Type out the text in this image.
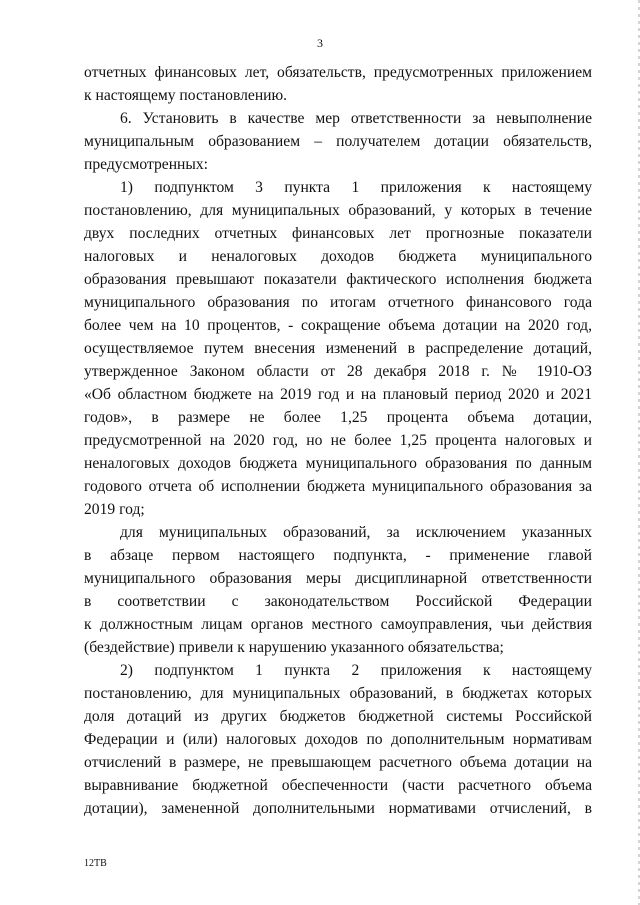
3

отчетных финансовых лет, обязательств, предусмотренных приложением

к настоящему постановлению.

6. Установить в качестве мер ответственности за невыполнение

муниципальным образованием – получателем дотации обязательств,

предусмотренных:

1) подпунктом 3 пункта 1 приложения к настоящему

постановлению, для муниципальных образований, у которых в течение

двух последних отчетных финансовых лет прогнозные показатели

налоговых и неналоговых доходов бюджета муниципального

образования превышают показатели фактического исполнения бюджета

муниципального образования по итогам отчетного финансового года

более чем на 10 процентов, - сокращение объема дотации на 2020 год,

осуществляемое путем внесения изменений в распределение дотаций,

утвержденное Законом области от 28 декабря 2018 г. № 1910-ОЗ

«Об областном бюджете на 2019 год и на плановый период 2020 и 2021

годов», в размере не более 1,25 процента объема дотации,

предусмотренной на 2020 год, но не более 1,25 процента налоговых и

неналоговых доходов бюджета муниципального образования по данным

годового отчета об исполнении бюджета муниципального образования за

2019 год;

для муниципальных образований, за исключением указанных

в абзаце первом настоящего подпункта, - применение главой

муниципального образования меры дисциплинарной ответственности

в соответствии с законодательством Российской Федерации

к должностным лицам органов местного самоуправления, чьи действия

(бездействие) привели к нарушению указанного обязательства;

2) подпунктом 1 пункта 2 приложения к настоящему

постановлению, для муниципальных образований, в бюджетах которых

доля дотаций из других бюджетов бюджетной системы Российской

Федерации и (или) налоговых доходов по дополнительным нормативам

отчислений в размере, не превышающем расчетного объема дотации на

выравнивание бюджетной обеспеченности (части расчетного объема

дотации), замененной дополнительными нормативами отчислений, в

12ТВ
